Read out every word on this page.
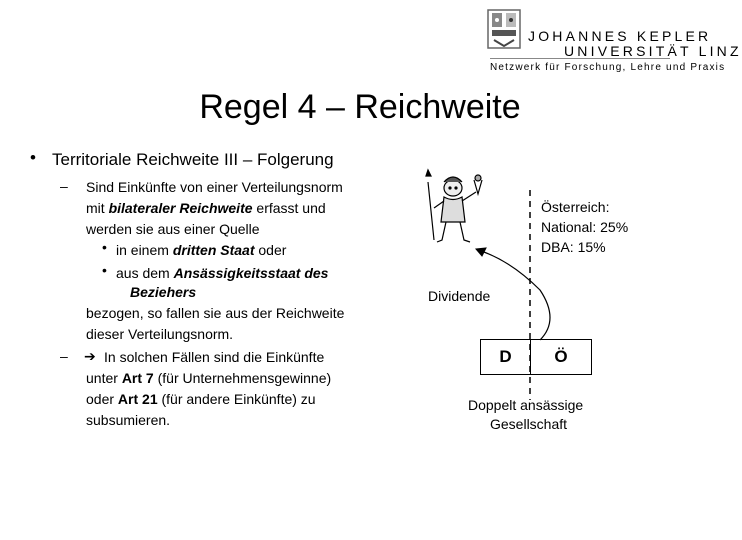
JOHANNES KEPLER
UNIVERSITÄT LINZ
Netzwerk für Forschung, Lehre und Praxis
Regel 4 – Reichweite
• Territoriale Reichweite III – Folgerung
– Sind Einkünfte von einer Verteilungsnorm
mit bilateraler Reichweite erfasst und
werden sie aus einer Quelle
• in einem dritten Staat oder
• aus dem Ansässigkeitsstaat des
Beziehers
bezogen, so fallen sie aus der Reichweite
dieser Verteilungsnorm.
– ➔ In solchen Fällen sind die Einkünfte
unter Art 7 (für Unternehmensgewinne)
oder Art 21 (für andere Einkünfte) zu
subsumieren.
Österreich:
National: 25%
DBA: 15%
Dividende
D	Ö
Doppelt ansässige
Gesellschaft
